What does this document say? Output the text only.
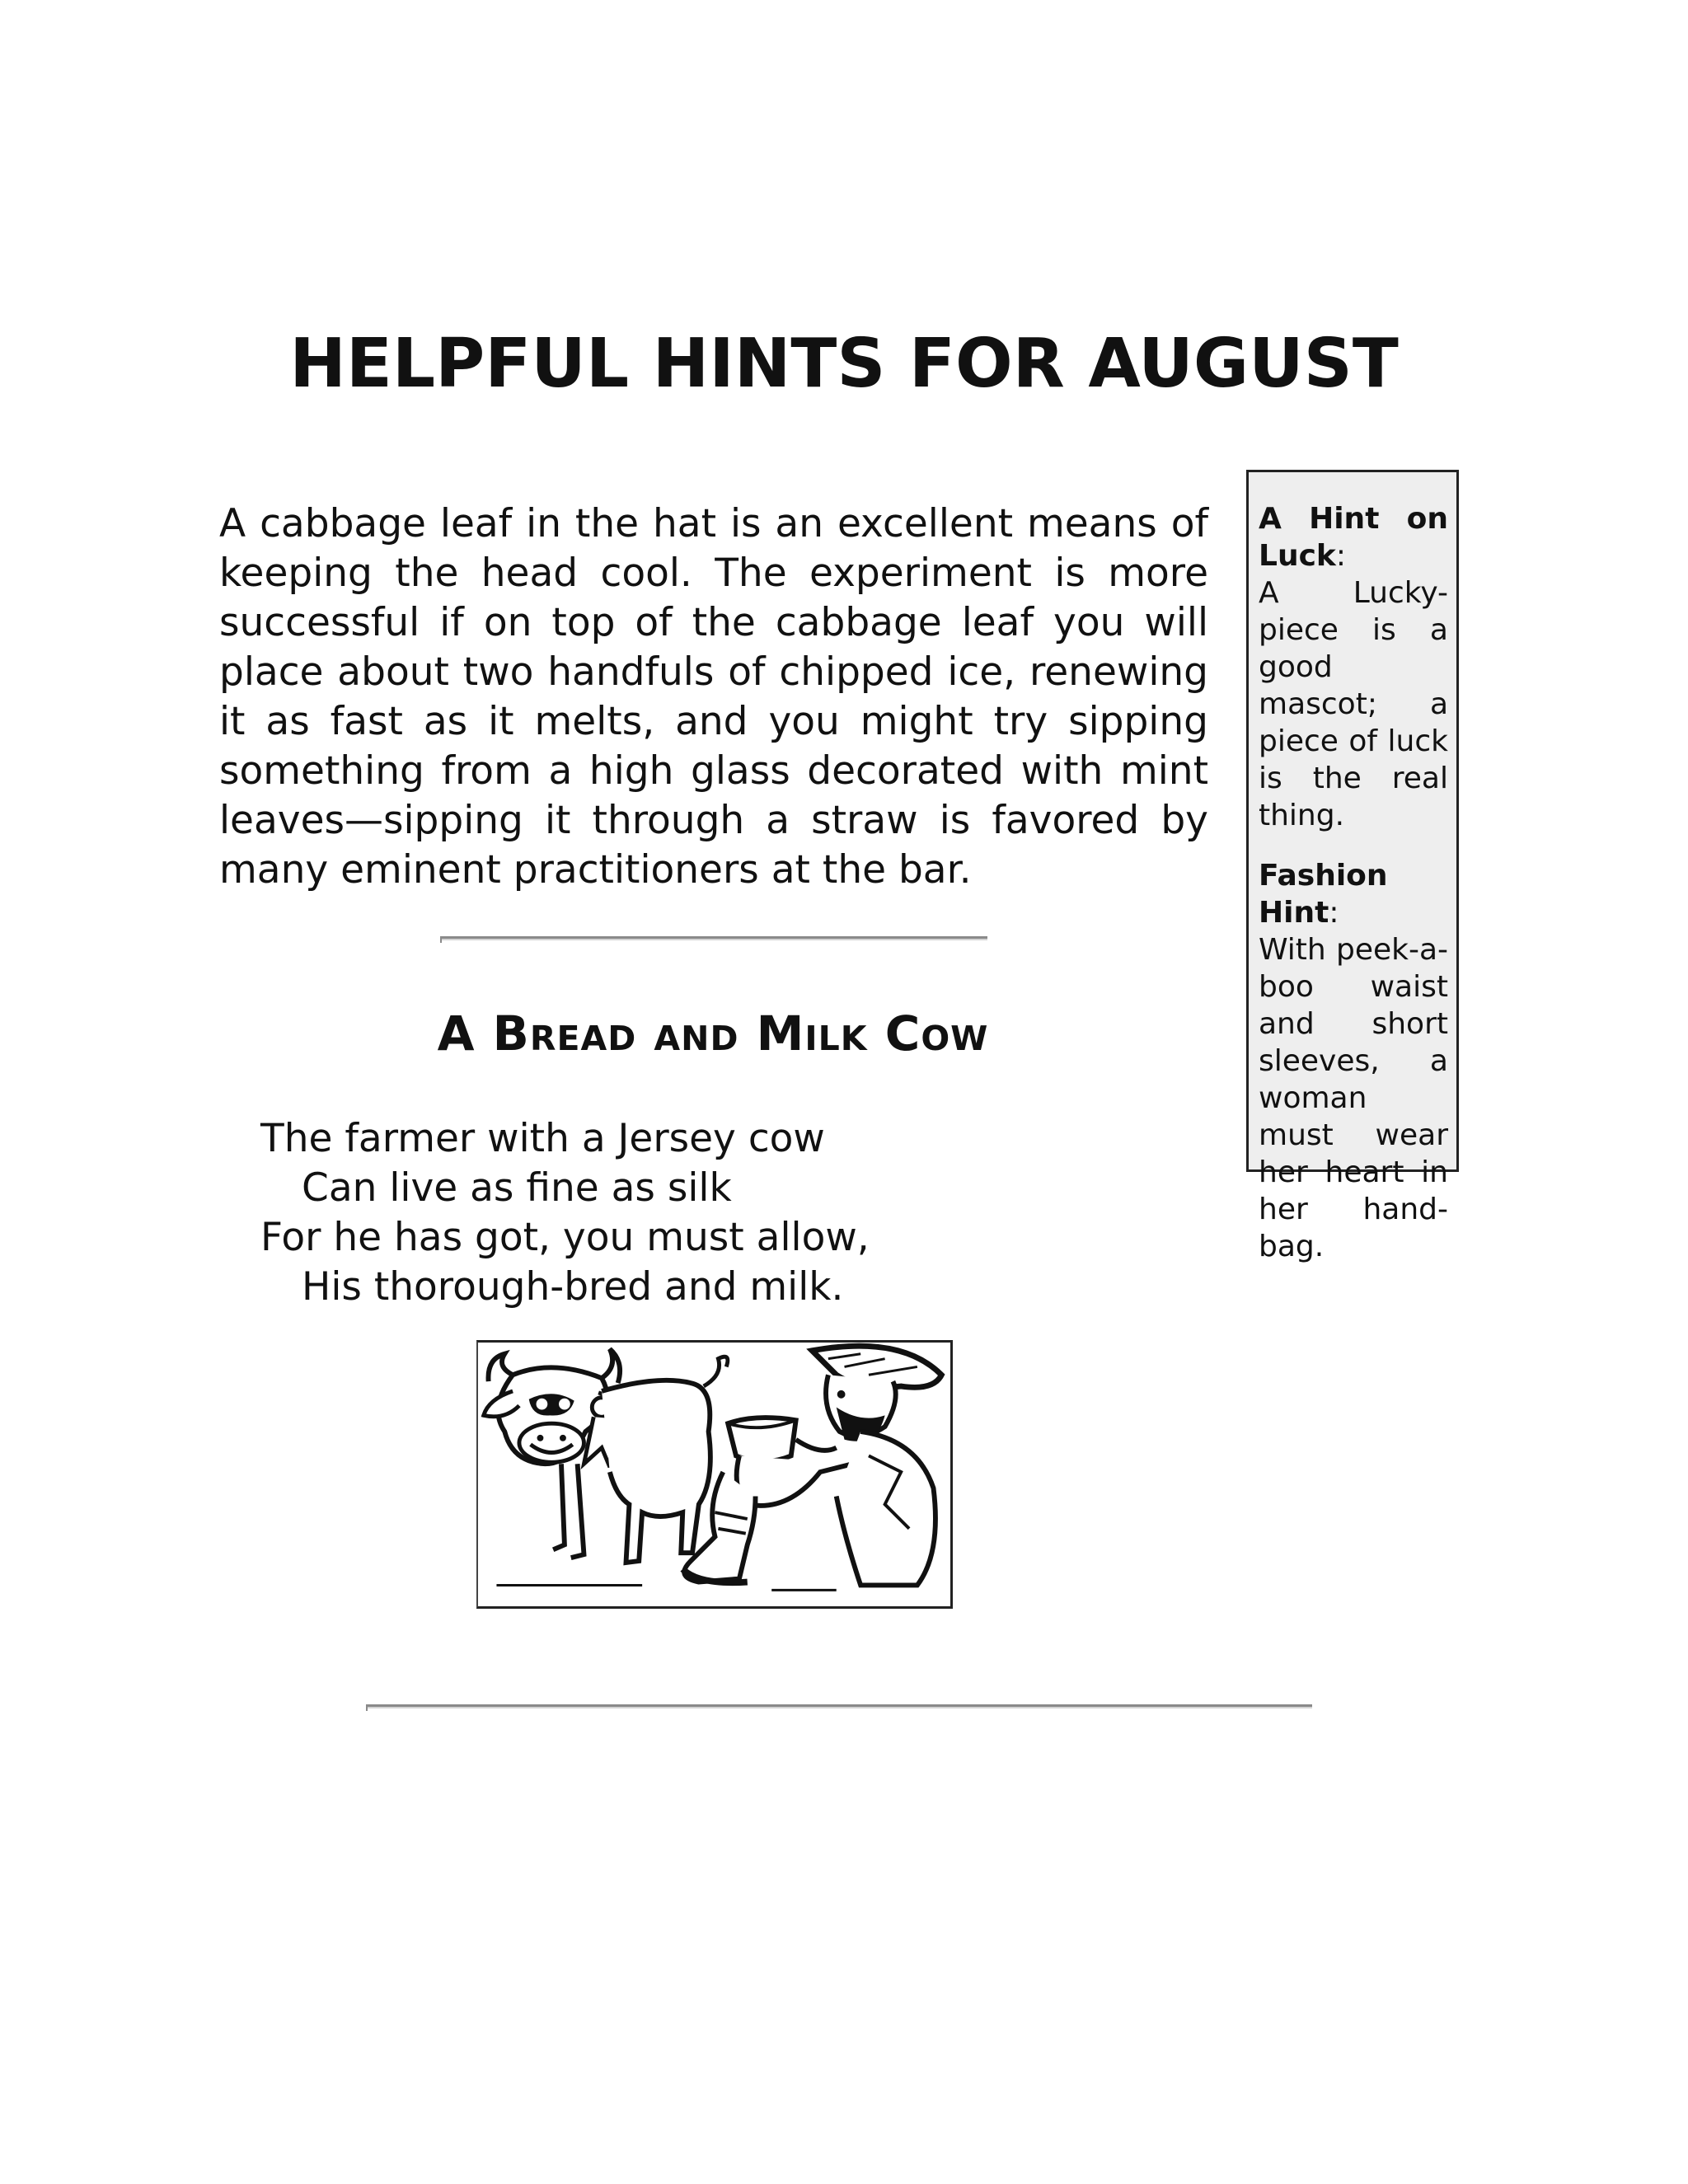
HELPFUL HINTS FOR AUGUST

A cabbage leaf in the hat is an excellent means of keeping the head cool. The experiment is more successful if on top of the cabbage leaf you will place about two handfuls of chipped ice, renewing it as fast as it melts, and you might try sipping something from a high glass decorated with mint leaves—sipping it through a straw is favored by many eminent practitioners at the bar.

A Bread and Milk Cow
The farmer with a Jersey cow
Can live as fine as silk
For he has got, you must allow,
His thorough-bred and milk.
A Hint on
Luck:

A Lucky-piece is a good mascot; a piece of luck is the real thing.

Fashion
Hint:

With peek-a-boo waist and short sleeves, a woman must wear her heart in her hand-bag.
